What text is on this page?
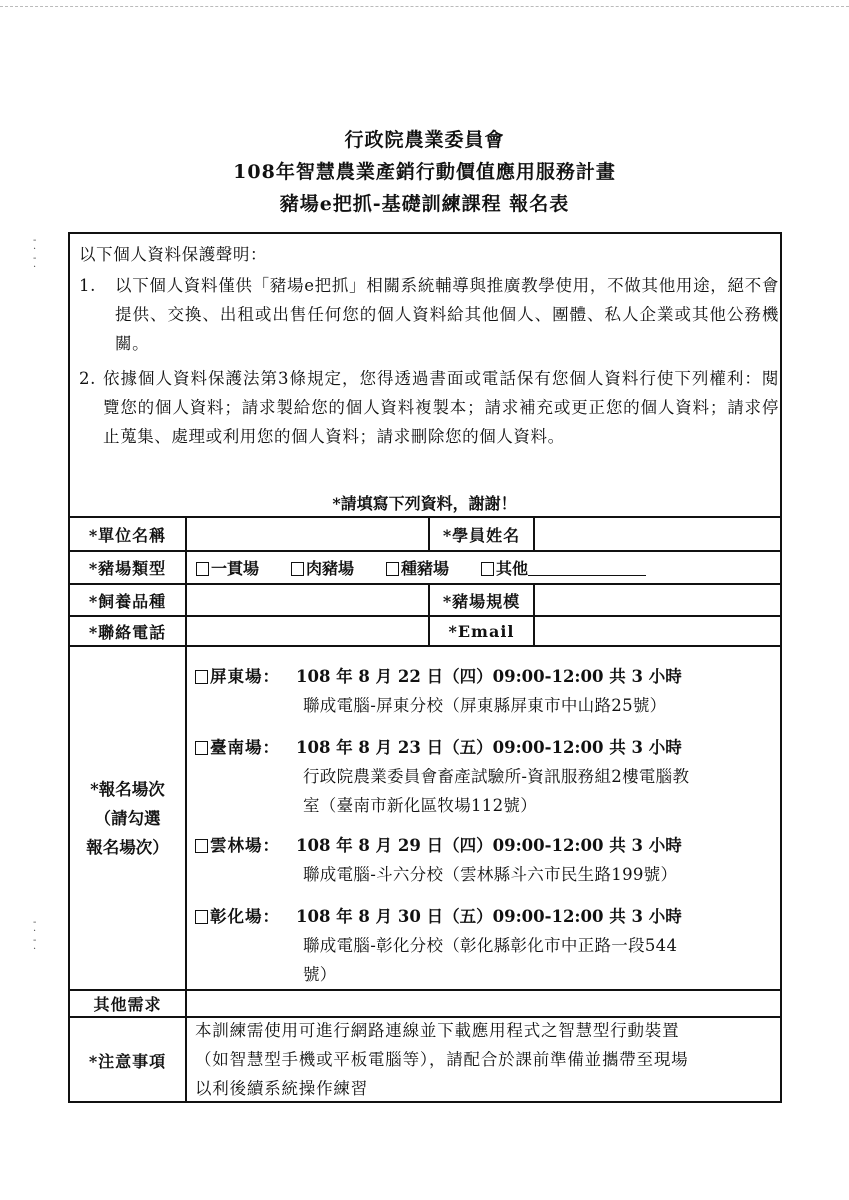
行政院農業委員會
108年智慧農業產銷行動價值應用服務計畫
豬場e把抓-基礎訓練課程 報名表
-
·
-
·
-
·
-
·

以下個人資料保護聲明：

1.	以下個人資料僅供「豬場e把抓」相關系統輔導與推廣教學使用，不做其他用途，絕不會提供、交換、出租或出售任何您的個人資料給其他個人、團體、私人企業或其他公務機關。
2. 依據個人資料保護法第3條規定，您得透過書面或電話保有您個人資料行使下列權利：閱覽您的個人資料；請求製給您的個人資料複製本；請求補充或更正您的個人資料；請求停止蒐集、處理或利用您的個人資料；請求刪除您的個人資料。
*請填寫下列資料，謝謝！
*單位名稱	*學員姓名
*豬場類型	一貫場	肉豬場	種豬場	其他
*飼養品種	*豬場規模
*聯絡電話	*Email
*報名場次
（請勾選
報名場次）
屏東場： 108 年 8 月 22 日（四）09:00-12:00 共 3 小時
聯成電腦-屏東分校（屏東縣屏東市中山路25號）
臺南場： 108 年 8 月 23 日（五）09:00-12:00 共 3 小時
行政院農業委員會畜產試驗所-資訊服務組2樓電腦教
室（臺南市新化區牧場112號）
雲林場： 108 年 8 月 29 日（四）09:00-12:00 共 3 小時
聯成電腦-斗六分校（雲林縣斗六市民生路199號）
彰化場： 108 年 8 月 30 日（五）09:00-12:00 共 3 小時
聯成電腦-彰化分校（彰化縣彰化市中正路一段544
號）
其他需求
*注意事項

本訓練需使用可進行網路連線並下載應用程式之智慧型行動裝置

（如智慧型手機或平板電腦等），請配合於課前準備並攜帶至現場

以利後續系統操作練習
